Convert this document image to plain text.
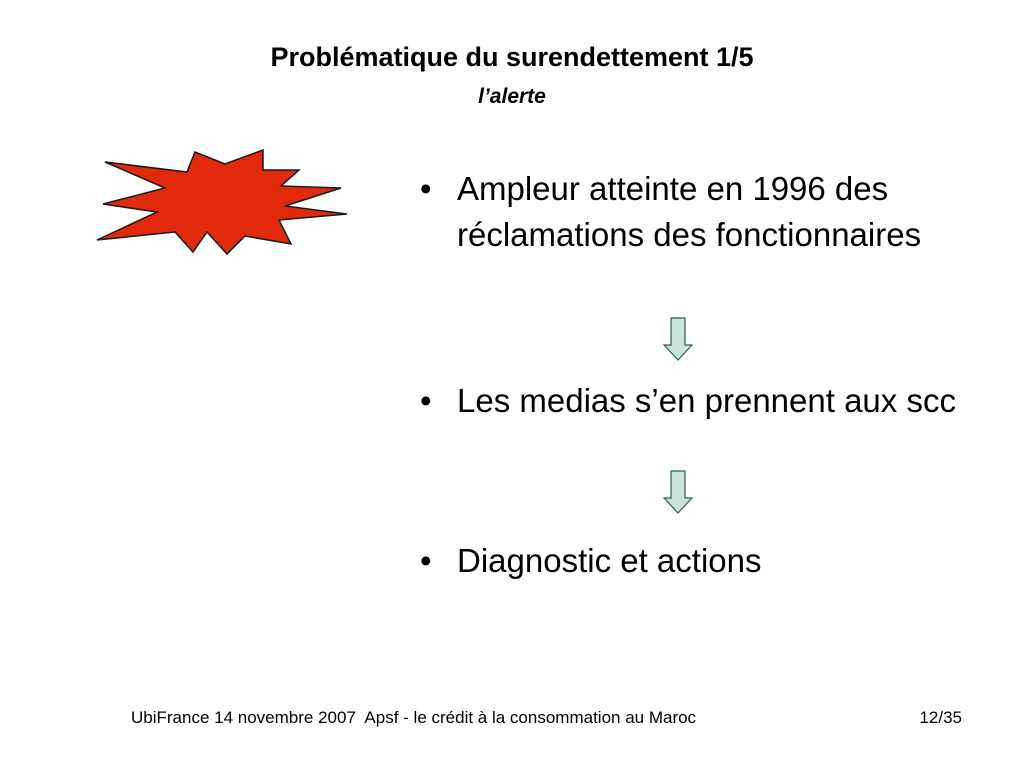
Problématique du surendettement 1/5
l’alerte
• Ampleur atteinte en 1996 des réclamations des fonctionnaires
• Les medias s’en prennent aux scc
• Diagnostic et actions
UbiFrance 14 novembre 2007  Apsf - le crédit à la consommation au Maroc	12/35
